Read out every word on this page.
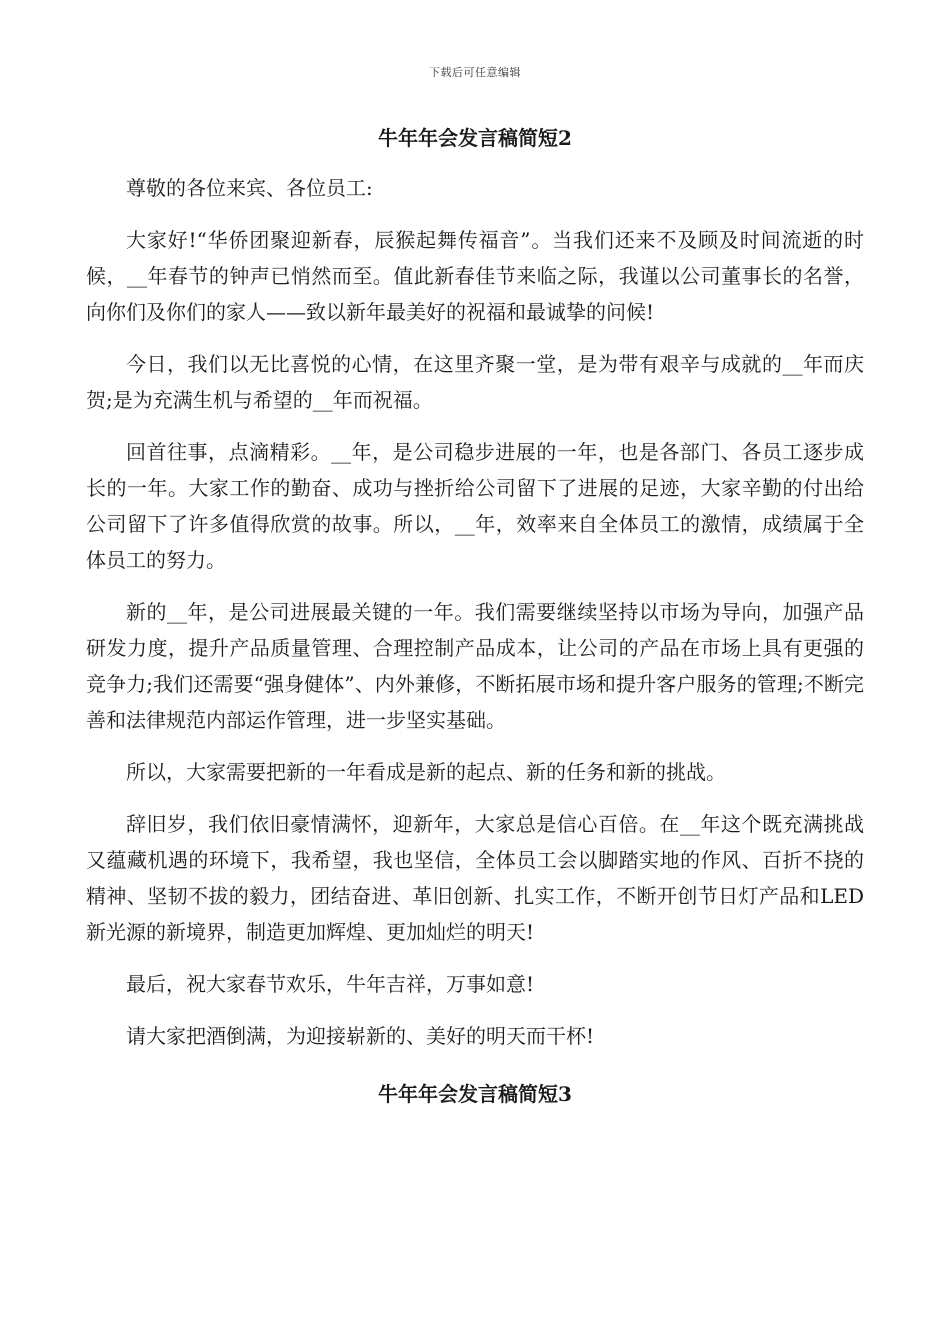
下载后可任意编辑
牛年年会发言稿简短2

尊敬的各位来宾、各位员工:

大家好!“华侨团聚迎新春，辰猴起舞传福音”。当我们还来不及顾及时间流逝的时候，__年春节的钟声已悄然而至。值此新春佳节来临之际，我谨以公司董事长的名誉，向你们及你们的家人——致以新年最美好的祝福和最诚挚的问候!

今日，我们以无比喜悦的心情，在这里齐聚一堂，是为带有艰辛与成就的__年而庆贺;是为充满生机与希望的__年而祝福。

回首往事，点滴精彩。__年，是公司稳步进展的一年，也是各部门、各员工逐步成长的一年。大家工作的勤奋、成功与挫折给公司留下了进展的足迹，大家辛勤的付出给公司留下了许多值得欣赏的故事。所以，__年，效率来自全体员工的激情，成绩属于全体员工的努力。

新的__年，是公司进展最关键的一年。我们需要继续坚持以市场为导向，加强产品研发力度，提升产品质量管理、合理控制产品成本，让公司的产品在市场上具有更强的竞争力;我们还需要“强身健体”、内外兼修，不断拓展市场和提升客户服务的管理;不断完善和法律规范内部运作管理，进一步坚实基础。

所以，大家需要把新的一年看成是新的起点、新的任务和新的挑战。

辞旧岁，我们依旧豪情满怀，迎新年，大家总是信心百倍。在__年这个既充满挑战又蕴藏机遇的环境下，我希望，我也坚信，全体员工会以脚踏实地的作风、百折不挠的精神、坚韧不拔的毅力，团结奋进、革旧创新、扎实工作，不断开创节日灯产品和LED新光源的新境界，制造更加辉煌、更加灿烂的明天!

最后，祝大家春节欢乐，牛年吉祥，万事如意!

请大家把酒倒满，为迎接崭新的、美好的明天而干杯!

牛年年会发言稿简短3
